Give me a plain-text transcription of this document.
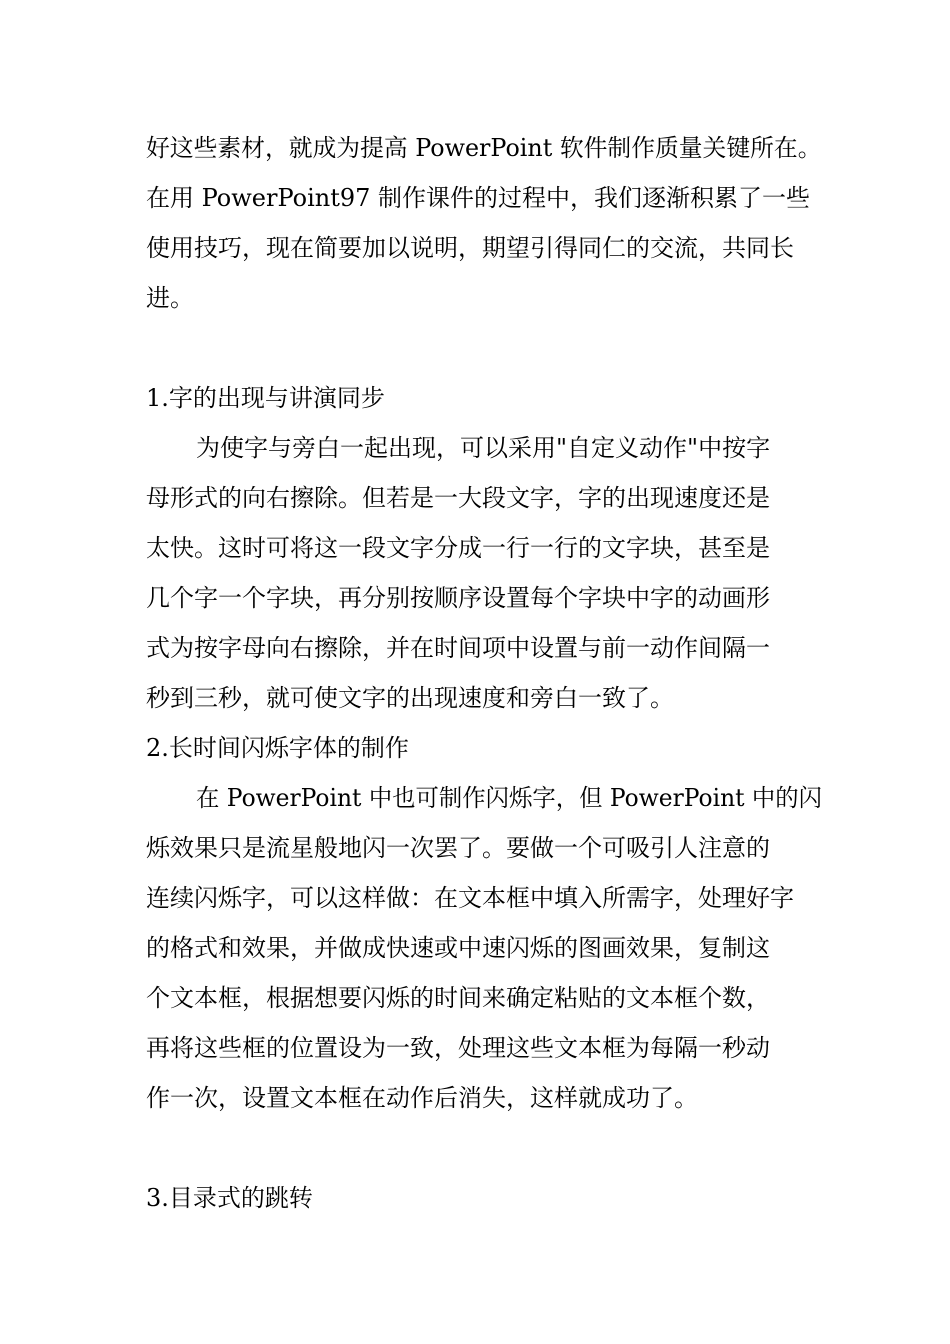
好这些素材，就成为提高 PowerPoint 软件制作质量关键所在。
在用 PowerPoint97 制作课件的过程中，我们逐渐积累了一些
使用技巧，现在简要加以说明，期望引得同仁的交流，共同长
进。
1.字的出现与讲演同步
为使字与旁白一起出现，可以采用"自定义动作"中按字
母形式的向右擦除。但若是一大段文字，字的出现速度还是
太快。这时可将这一段文字分成一行一行的文字块，甚至是
几个字一个字块，再分别按顺序设置每个字块中字的动画形
式为按字母向右擦除，并在时间项中设置与前一动作间隔一
秒到三秒，就可使文字的出现速度和旁白一致了。
2.长时间闪烁字体的制作
在 PowerPoint 中也可制作闪烁字，但 PowerPoint 中的闪
烁效果只是流星般地闪一次罢了。要做一个可吸引人注意的
连续闪烁字，可以这样做：在文本框中填入所需字，处理好字
的格式和效果，并做成快速或中速闪烁的图画效果，复制这
个文本框，根据想要闪烁的时间来确定粘贴的文本框个数，
再将这些框的位置设为一致，处理这些文本框为每隔一秒动
作一次，设置文本框在动作后消失，这样就成功了。
3.目录式的跳转
